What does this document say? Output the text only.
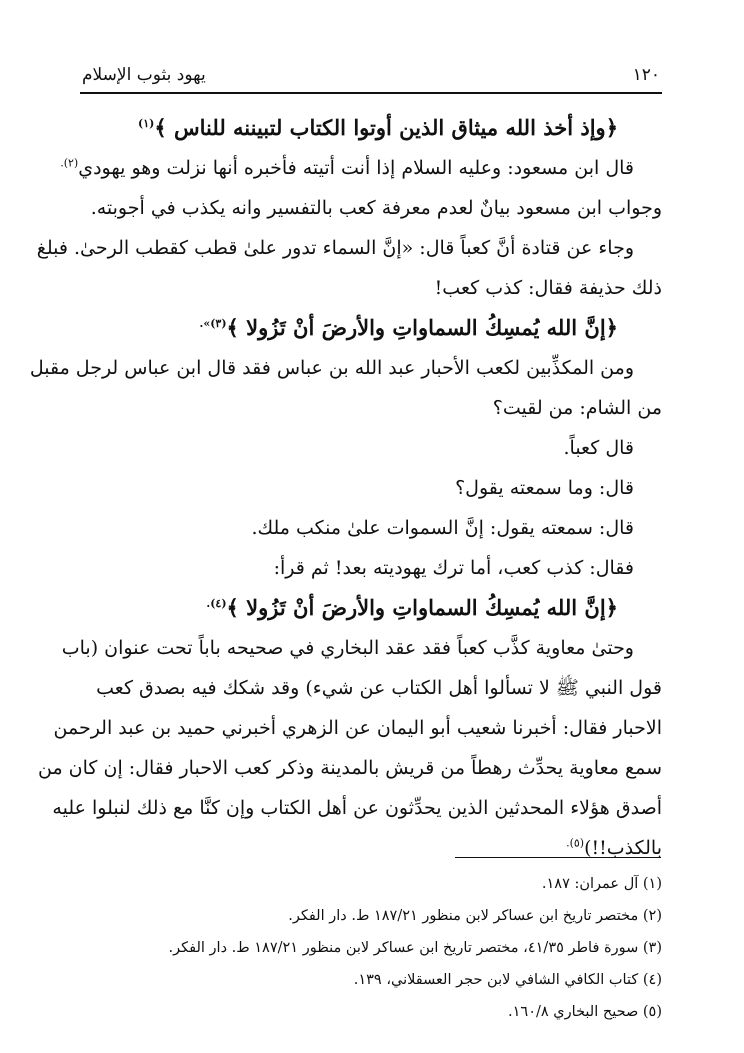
يهود بثوب الإسلام	١٢٠
﴿وإذ أخذ الله ميثاق الذين أوتوا الكتاب لتبيننه للناس ﴾$^{(١)}$
قال ابن مسعود: وعليه السلام إذا أنت أتيته فأخبره أنها نزلت وهو يهودي$^{(٢).}$
وجواب ابن مسعود بيانٌ لعدم معرفة كعب بالتفسير وانه يكذب في أجوبته.
وجاء عن قتادة أنَّ كعباً قال: «إنَّ السماء تدور علىٰ قطب كقطب الرحىٰ. فبلغ
ذلك حذيفة فقال: كذب كعب!
﴿إنَّ الله يُمسِكُ السماواتِ والأرضَ أنْ تَزُولا ﴾$^{(٣)».}$
ومن المكذِّبين لكعب الأحبار عبد الله بن عباس فقد قال ابن عباس لرجل مقبل
من الشام: من لقيت؟
قال كعباً.
قال: وما سمعته يقول؟
قال: سمعته يقول: إنَّ السموات علىٰ منكب ملك.
فقال: كذب كعب، أما ترك يهوديته بعد! ثم قرأ:
﴿إنَّ الله يُمسِكُ السماواتِ والأرضَ أنْ تَزُولا ﴾$^{(٤).}$
وحتىٰ معاوية كذَّب كعباً فقد عقد البخاري في صحيحه باباً تحت عنوان (باب
قول النبي ﷺ لا تسألوا أهل الكتاب عن شيء) وقد شكك فيه بصدق كعب
الاحبار فقال: أخبرنا شعيب أبو اليمان عن الزهري أخبرني حميد بن عبد الرحمن
سمع معاوية يحدِّث رهطاً من قريش بالمدينة وذكر كعب الاحبار فقال: إن كان من
أصدق هؤلاء المحدثين الذين يحدِّثون عن أهل الكتاب وإن كنَّا مع ذلك لنبلوا عليه
بالكذب!!)$^{(٥).}$
(١) آل عمران: ١٨٧.
(٢) مختصر تاريخ ابن عساكر لابن منظور ١٨٧/٢١ ط. دار الفكر.
(٣) سورة فاطر ٤١/٣٥، مختصر تاريخ ابن عساكر لابن منظور ١٨٧/٢١ ط. دار الفكر.
(٤) كتاب الكافي الشافي لابن حجر العسقلاني، ١٣٩.
(٥) صحيح البخاري ١٦٠/٨.
